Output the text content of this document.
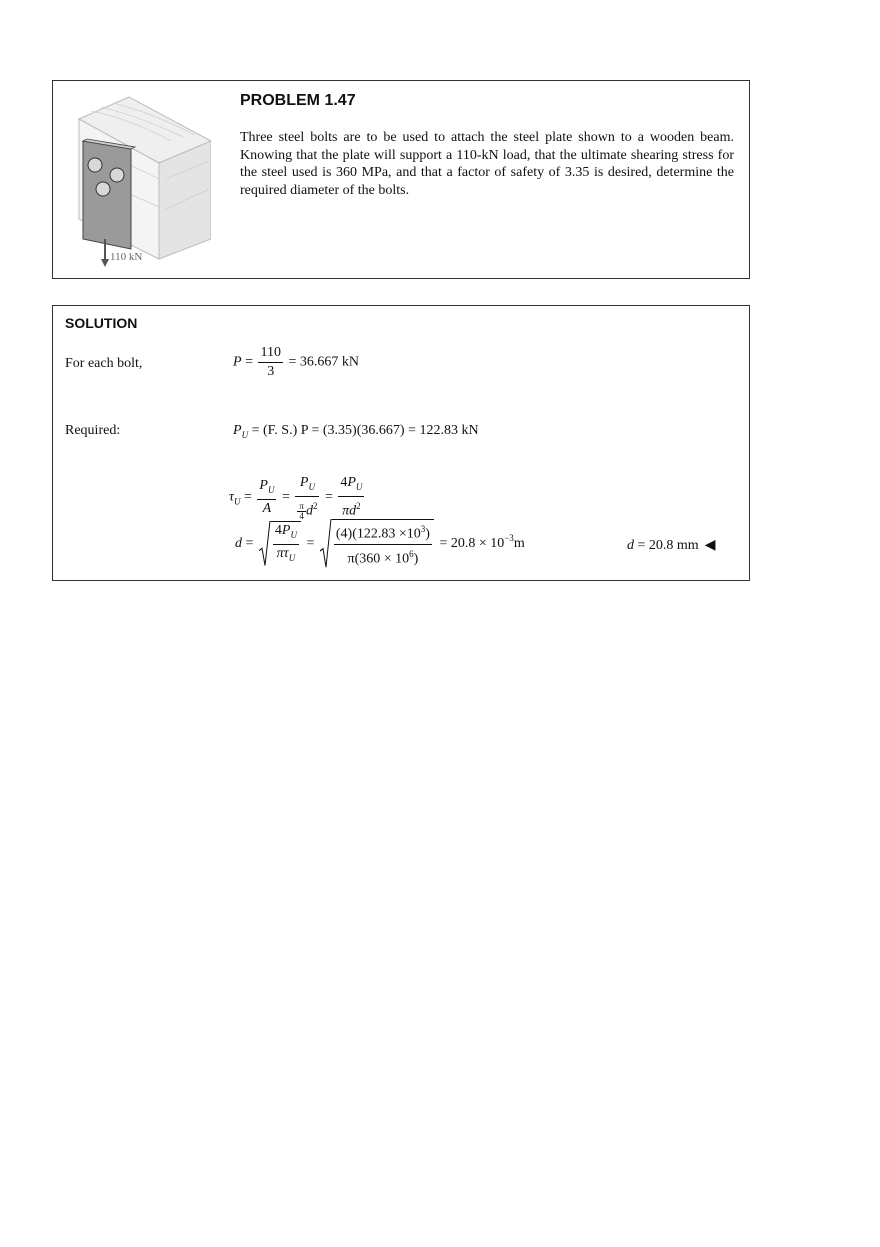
110 kN
PROBLEM 1.47
Three steel bolts are to be used to attach the steel plate shown to a wooden beam. Knowing that the plate will support a 110-kN load, that the ultimate shearing stress for the steel used is 360 MPa, and that a factor of safety of 3.35 is desired, determine the required diameter of the bolts.
SOLUTION
For each bolt,	$P = \frac{110}{3} = 36.667$ kN
Required:	$P_U = (F$. S.) P = (3.35)(36.667) = 122.83 kN
$\tau_U = \frac{P_U}{A} = \frac{P_U}{\frac{\pi}{4} d^2} = \frac{4P_U}{\pi d^2}$
$d = \frac{4P_U}{\pi\tau_U} = \frac{(4)(122.83 \times 10^3)}{\pi(360 \times 10^6)} = 20.8 \times 10^{-3}m$	d = 20.8 mm ◀
